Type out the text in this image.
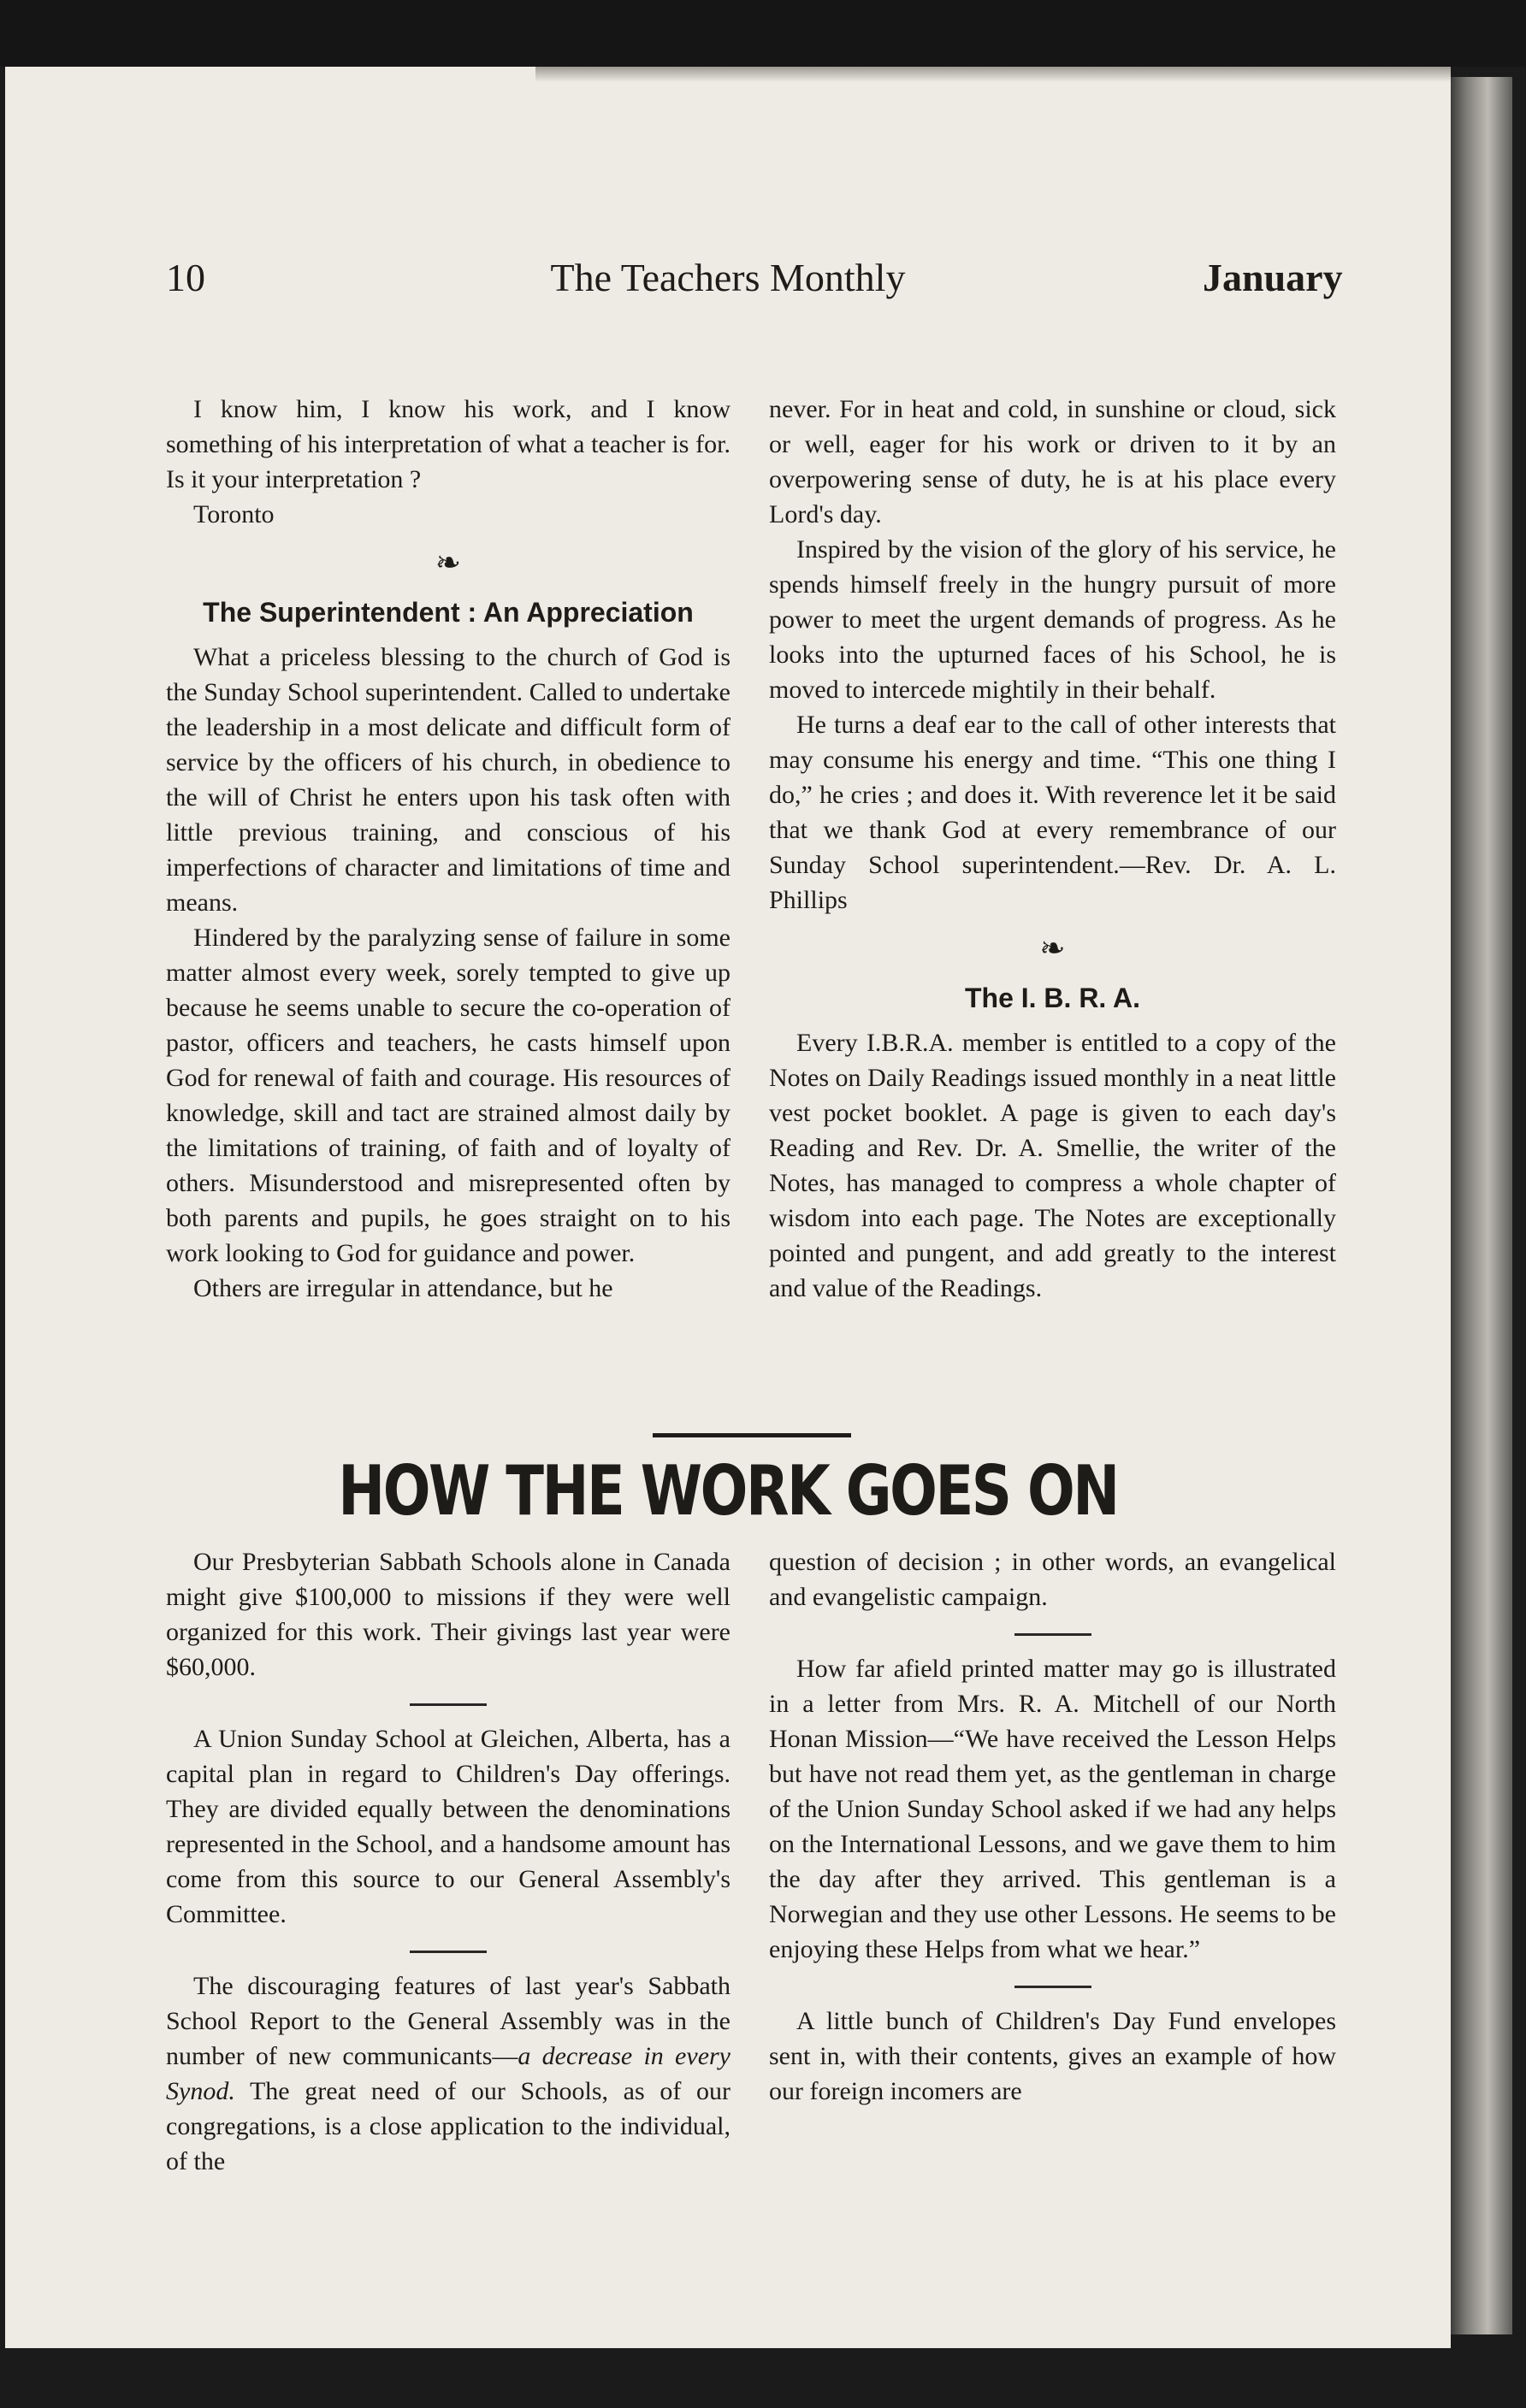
10	The Teachers Monthly	January

I know him, I know his work, and I know something of his interpretation of what a teacher is for. Is it your interpretation ?

Toronto

❧
The Superintendent : An Appreciation

What a priceless blessing to the church of God is the Sunday School superintendent. Called to undertake the leadership in a most delicate and difficult form of service by the officers of his church, in obedience to the will of Christ he enters upon his task often with little previous training, and conscious of his imperfections of character and limitations of time and means.

Hindered by the paralyzing sense of failure in some matter almost every week, sorely tempted to give up because he seems unable to secure the co-operation of pastor, officers and teachers, he casts himself upon God for renewal of faith and courage. His resources of knowledge, skill and tact are strained almost daily by the limitations of training, of faith and of loyalty of others. Misunderstood and misrepresented often by both parents and pupils, he goes straight on to his work looking to God for guidance and power.

Others are irregular in attendance, but he

never. For in heat and cold, in sunshine or cloud, sick or well, eager for his work or driven to it by an overpowering sense of duty, he is at his place every Lord's day.

Inspired by the vision of the glory of his service, he spends himself freely in the hungry pursuit of more power to meet the urgent demands of progress. As he looks into the upturned faces of his School, he is moved to intercede mightily in their behalf.

He turns a deaf ear to the call of other interests that may consume his energy and time. “This one thing I do,” he cries ; and does it. With reverence let it be said that we thank God at every remembrance of our Sunday School superintendent.—Rev. Dr. A. L. Phillips

❧
The I. B. R. A.

Every I.B.R.A. member is entitled to a copy of the Notes on Daily Readings issued monthly in a neat little vest pocket booklet. A page is given to each day's Reading and Rev. Dr. A. Smellie, the writer of the Notes, has managed to compress a whole chapter of wisdom into each page. The Notes are exceptionally pointed and pungent, and add greatly to the interest and value of the Readings.

HOW THE WORK GOES ON

Our Presbyterian Sabbath Schools alone in Canada might give $100,000 to missions if they were well organized for this work. Their givings last year were $60,000.

A Union Sunday School at Gleichen, Alberta, has a capital plan in regard to Children's Day offerings. They are divided equally between the denominations represented in the School, and a handsome amount has come from this source to our General Assembly's Committee.

The discouraging features of last year's Sabbath School Report to the General Assembly was in the number of new communicants—a decrease in every Synod. The great need of our Schools, as of our congregations, is a close application to the individual, of the

question of decision ; in other words, an evangelical and evangelistic campaign.

How far afield printed matter may go is illustrated in a letter from Mrs. R. A. Mitchell of our North Honan Mission—“We have received the Lesson Helps but have not read them yet, as the gentleman in charge of the Union Sunday School asked if we had any helps on the International Lessons, and we gave them to him the day after they arrived. This gentleman is a Norwegian and they use other Lessons. He seems to be enjoying these Helps from what we hear.”

A little bunch of Children's Day Fund envelopes sent in, with their contents, gives an example of how our foreign incomers are
